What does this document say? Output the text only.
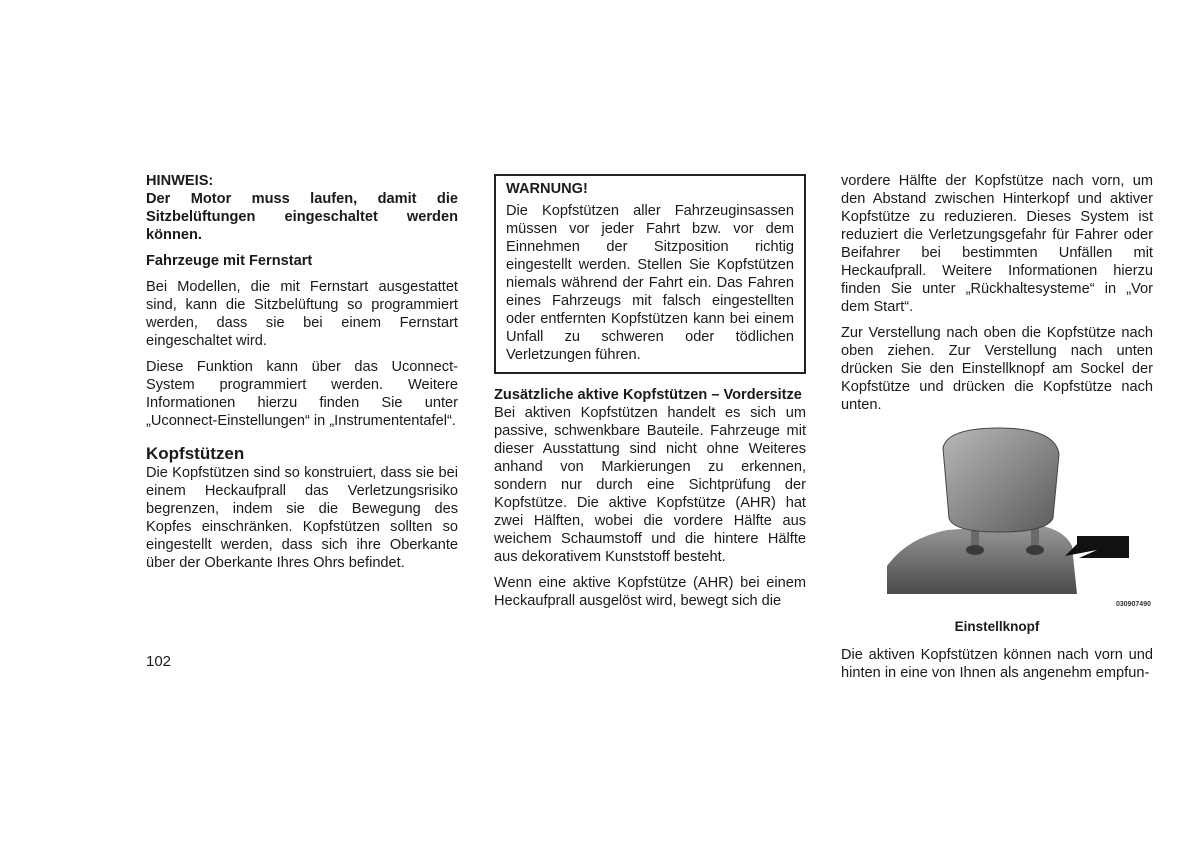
HINWEIS:

Der Motor muss laufen, damit die Sitzbelüftungen eingeschaltet werden können.

Fahrzeuge mit Fernstart

Bei Modellen, die mit Fernstart ausgestattet sind, kann die Sitzbelüftung so programmiert werden, dass sie bei einem Fernstart eingeschaltet wird.

Diese Funktion kann über das Uconnect-System programmiert werden. Weitere Informationen hierzu finden Sie unter „Uconnect-Einstellungen“ in „Instrumententafel“.

Kopfstützen

Die Kopfstützen sind so konstruiert, dass sie bei einem Heckaufprall das Verletzungsrisiko begrenzen, indem sie die Bewegung des Kopfes einschränken. Kopfstützen sollten so eingestellt werden, dass sich ihre Oberkante über der Oberkante Ihres Ohrs befindet.

WARNUNG!

Die Kopfstützen aller Fahrzeuginsassen müssen vor jeder Fahrt bzw. vor dem Einnehmen der Sitzposition richtig eingestellt werden. Stellen Sie Kopfstützen niemals während der Fahrt ein. Das Fahren eines Fahrzeugs mit falsch eingestellten oder entfernten Kopfstützen kann bei einem Unfall zu schweren oder tödlichen Verletzungen führen.

Zusätzliche aktive Kopfstützen – Vordersitze

Bei aktiven Kopfstützen handelt es sich um passive, schwenkbare Bauteile. Fahrzeuge mit dieser Ausstattung sind nicht ohne Weiteres anhand von Markierungen zu erkennen, sondern nur durch eine Sichtprüfung der Kopfstütze. Die aktive Kopfstütze (AHR) hat zwei Hälften, wobei die vordere Hälfte aus weichem Schaumstoff und die hintere Hälfte aus dekorativem Kunststoff besteht.

Wenn eine aktive Kopfstütze (AHR) bei einem Heckaufprall ausgelöst wird, bewegt sich die

vordere Hälfte der Kopfstütze nach vorn, um den Abstand zwischen Hinterkopf und aktiver Kopfstütze zu reduzieren. Dieses System ist reduziert die Verletzungsgefahr für Fahrer oder Beifahrer bei bestimmten Unfällen mit Heckaufprall. Weitere Informationen hierzu finden Sie unter „Rückhaltesysteme“ in „Vor dem Start“.

Zur Verstellung nach oben die Kopfstütze nach oben ziehen. Zur Verstellung nach unten drücken Sie den Einstellknopf am Sockel der Kopfstütze und drücken die Kopfstütze nach unten.

030907490

Einstellknopf

Die aktiven Kopfstützen können nach vorn und hinten in eine von Ihnen als angenehm empfun-

102
